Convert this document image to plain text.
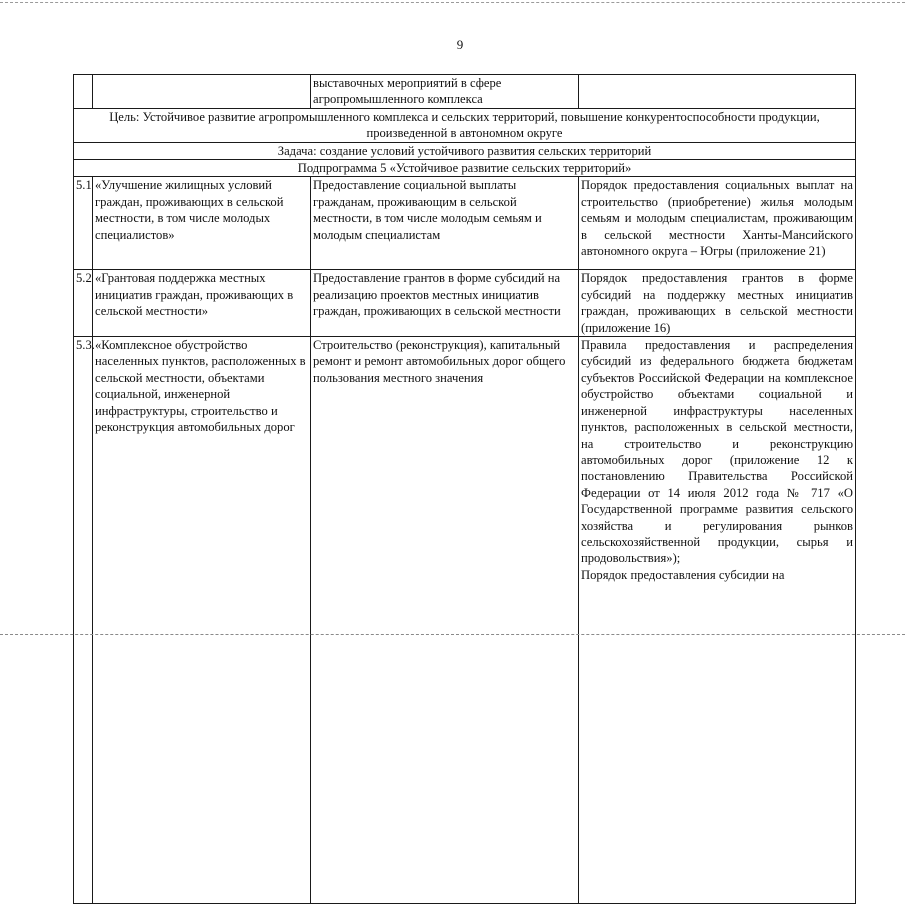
9
		выставочных мероприятий в сфере агропромышленного комплекса	
Цель: Устойчивое развитие агропромышленного комплекса и сельских территорий, повышение конкурентоспособности продукции, произведенной в автономном округе			
Задача: создание условий устойчивого развития сельских территорий			
Подпрограмма 5 «Устойчивое развитие сельских территорий»			
5.1	«Улучшение жилищных условий граждан, проживающих в сельской местности, в том числе молодых специалистов»	Предоставление социальной выплаты гражданам, проживающим в сельской местности, в том числе молодым семьям и молодым специалистам	Порядок предоставления социальных выплат на строительство (приобретение) жилья молодым семьям и молодым специалистам, проживающим в сельской местности Ханты-Мансийского автономного округа – Югры (приложение 21)
5.2	«Грантовая поддержка местных инициатив граждан, проживающих в сельской местности»	Предоставление грантов в форме субсидий на реализацию проектов местных инициатив граждан, проживающих в сельской местности	Порядок предоставления грантов в форме субсидий на поддержку местных инициатив граждан, проживающих в сельской местности (приложение 16)
5.3.	«Комплексное обустройство населенных пунктов, расположенных в сельской местности, объектами социальной, инженерной инфраструктуры, строительство и реконструкция автомобильных дорог	Строительство (реконструкция), капитальный ремонт и ремонт автомобильных дорог общего пользования местного значения	Правила предоставления и распределения субсидий из федерального бюджета бюджетам субъектов Российской Федерации на комплексное обустройство объектами социальной и инженерной инфраструктуры населенных пунктов, расположенных в сельской местности, на строительство и реконструкцию автомобильных дорог (приложение 12 к постановлению Правительства Российской Федерации от 14 июля 2012 года № 717 «О Государственной программе развития сельского хозяйства и регулирования рынков сельскохозяйственной продукции, сырья и продовольствия»);
Порядок предоставления субсидии на
